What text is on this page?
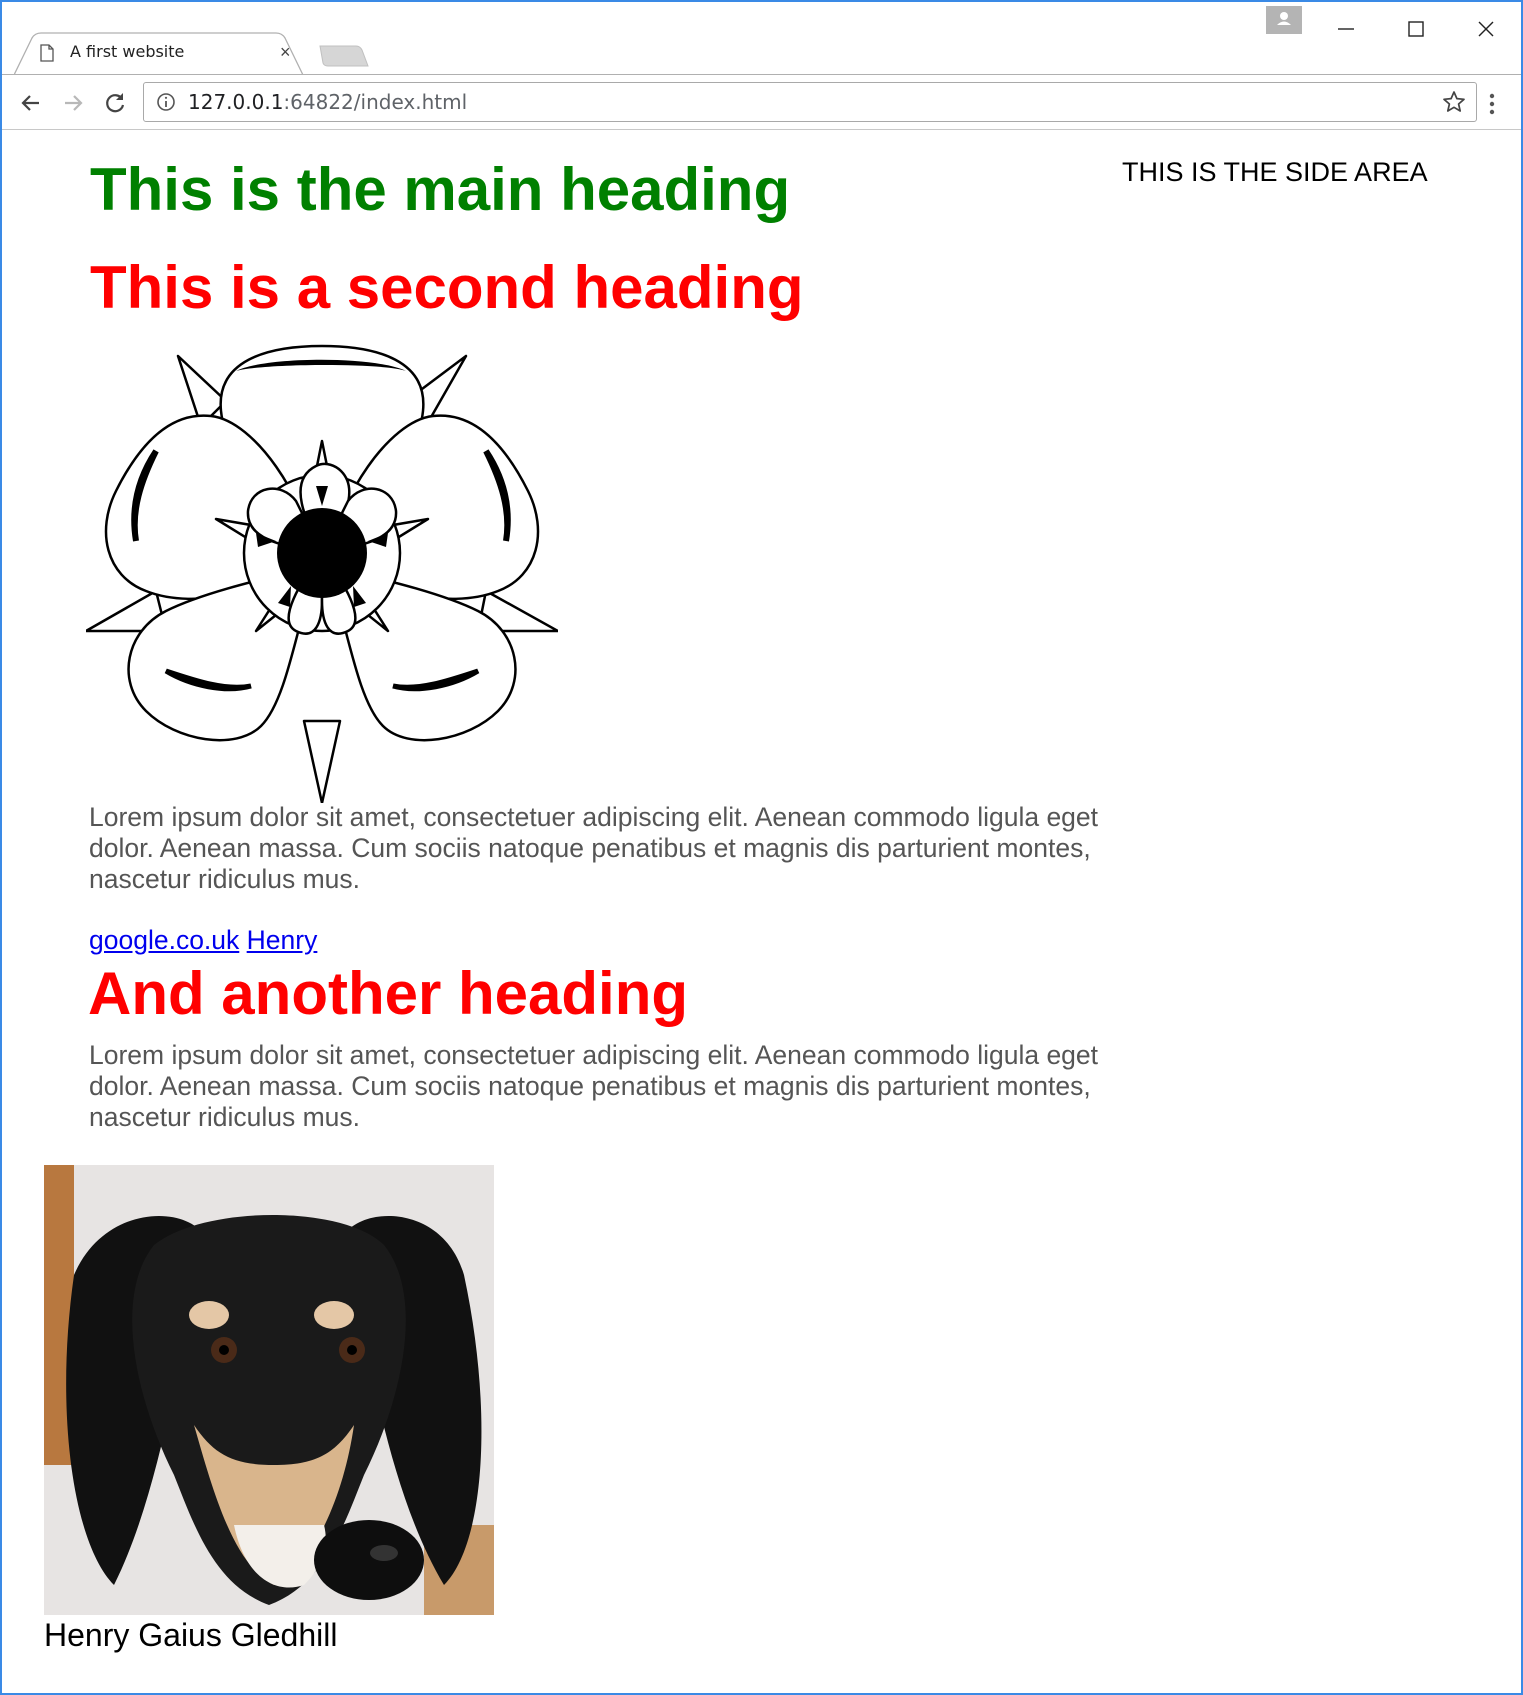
A first website	×
127.0.0.1:64822/index.html
THIS IS THE SIDE AREA
This is the main heading
This is a second heading

Lorem ipsum dolor sit amet, consectetuer adipiscing elit. Aenean commodo ligula eget dolor. Aenean massa. Cum sociis natoque penatibus et magnis dis parturient montes, nascetur ridiculus mus.

google.co.uk Henry
And another heading

Lorem ipsum dolor sit amet, consectetuer adipiscing elit. Aenean commodo ligula eget dolor. Aenean massa. Cum sociis natoque penatibus et magnis dis parturient montes, nascetur ridiculus mus.

Henry Gaius Gledhill
